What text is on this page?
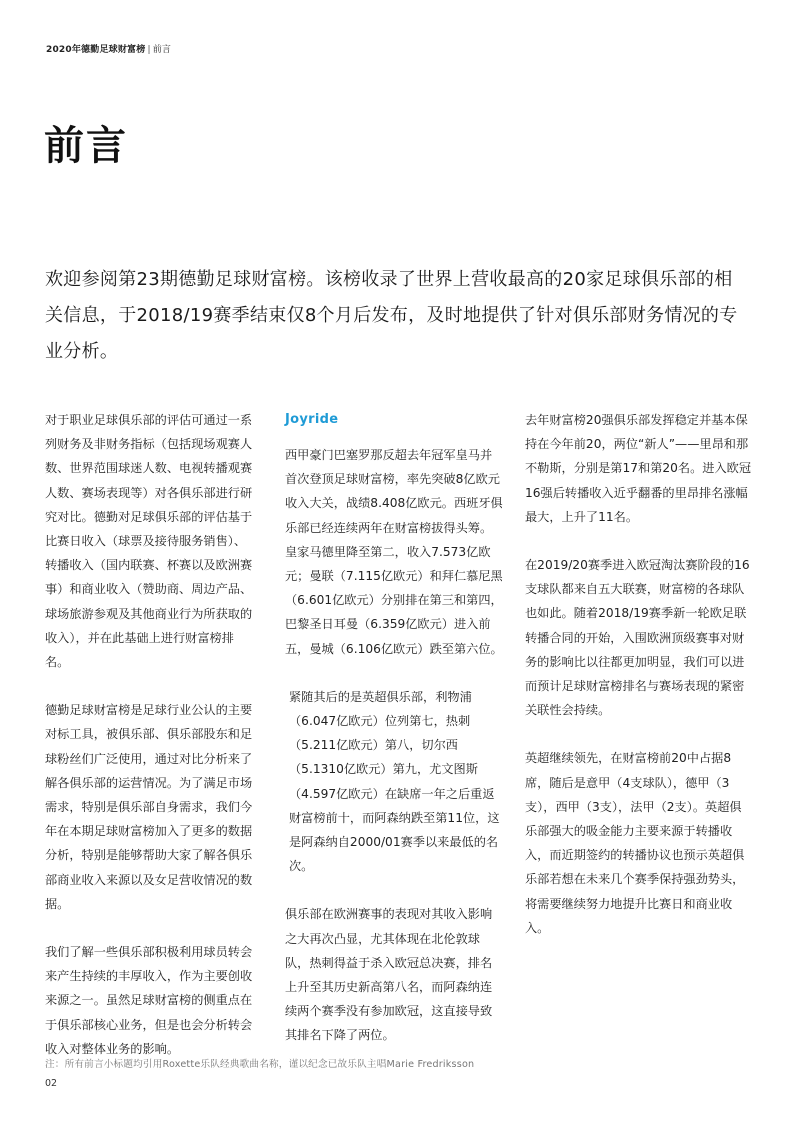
2020年德勤足球财富榜 | 前言
前言

欢迎参阅第23期德勤足球财富榜。该榜收录了世界上营收最高的20家足球俱乐部的相关信息，于2018/19赛季结束仅8个月后发布，及时地提供了针对俱乐部财务情况的专业分析。

对于职业足球俱乐部的评估可通过一系列财务及非财务指标（包括现场观赛人数、世界范围球迷人数、电视转播观赛人数、赛场表现等）对各俱乐部进行研究对比。德勤对足球俱乐部的评估基于比赛日收入（球票及接待服务销售）、转播收入（国内联赛、杯赛以及欧洲赛事）和商业收入（赞助商、周边产品、球场旅游参观及其他商业行为所获取的收入），并在此基础上进行财富榜排名。

德勤足球财富榜是足球行业公认的主要对标工具，被俱乐部、俱乐部股东和足球粉丝们广泛使用，通过对比分析来了解各俱乐部的运营情况。为了满足市场需求，特别是俱乐部自身需求，我们今年在本期足球财富榜加入了更多的数据分析，特别是能够帮助大家了解各俱乐部商业收入来源以及女足营收情况的数据。

我们了解一些俱乐部积极利用球员转会来产生持续的丰厚收入，作为主要创收来源之一。虽然足球财富榜的侧重点在于俱乐部核心业务，但是也会分析转会收入对整体业务的影响。

Joyride

西甲豪门巴塞罗那反超去年冠军皇马并首次登顶足球财富榜，率先突破8亿欧元收入大关，战绩8.408亿欧元。西班牙俱乐部已经连续两年在财富榜拔得头筹。皇家马德里降至第二，收入7.573亿欧元；曼联（7.115亿欧元）和拜仁慕尼黑（6.601亿欧元）分别排在第三和第四，巴黎圣日耳曼（6.359亿欧元）进入前五，曼城（6.106亿欧元）跌至第六位。

紧随其后的是英超俱乐部，利物浦（6.047亿欧元）位列第七，热刺（5.211亿欧元）第八，切尔西（5.1310亿欧元）第九，尤文图斯（4.597亿欧元）在缺席一年之后重返财富榜前十，而阿森纳跌至第11位，这是阿森纳自2000/01赛季以来最低的名次。

俱乐部在欧洲赛事的表现对其收入影响之大再次凸显，尤其体现在北伦敦球队，热刺得益于杀入欧冠总决赛，排名上升至其历史新高第八名，而阿森纳连续两个赛季没有参加欧冠，这直接导致其排名下降了两位。

去年财富榜20强俱乐部发挥稳定并基本保持在今年前20，两位“新人”——里昂和那不勒斯，分别是第17和第20名。进入欧冠16强后转播收入近乎翻番的里昂排名涨幅最大，上升了11名。

在2019/20赛季进入欧冠淘汰赛阶段的16支球队都来自五大联赛，财富榜的各球队也如此。随着2018/19赛季新一轮欧足联转播合同的开始，入围欧洲顶级赛事对财务的影响比以往都更加明显，我们可以进而预计足球财富榜排名与赛场表现的紧密关联性会持续。

英超继续领先，在财富榜前20中占据8席，随后是意甲（4支球队），德甲（3支），西甲（3支），法甲（2支）。英超俱乐部强大的吸金能力主要来源于转播收入，而近期签约的转播协议也预示英超俱乐部若想在未来几个赛季保持强劲势头，将需要继续努力地提升比赛日和商业收入。

注：所有前言小标题均引用Roxette乐队经典歌曲名称，谨以纪念已故乐队主唱Marie Fredriksson
02
